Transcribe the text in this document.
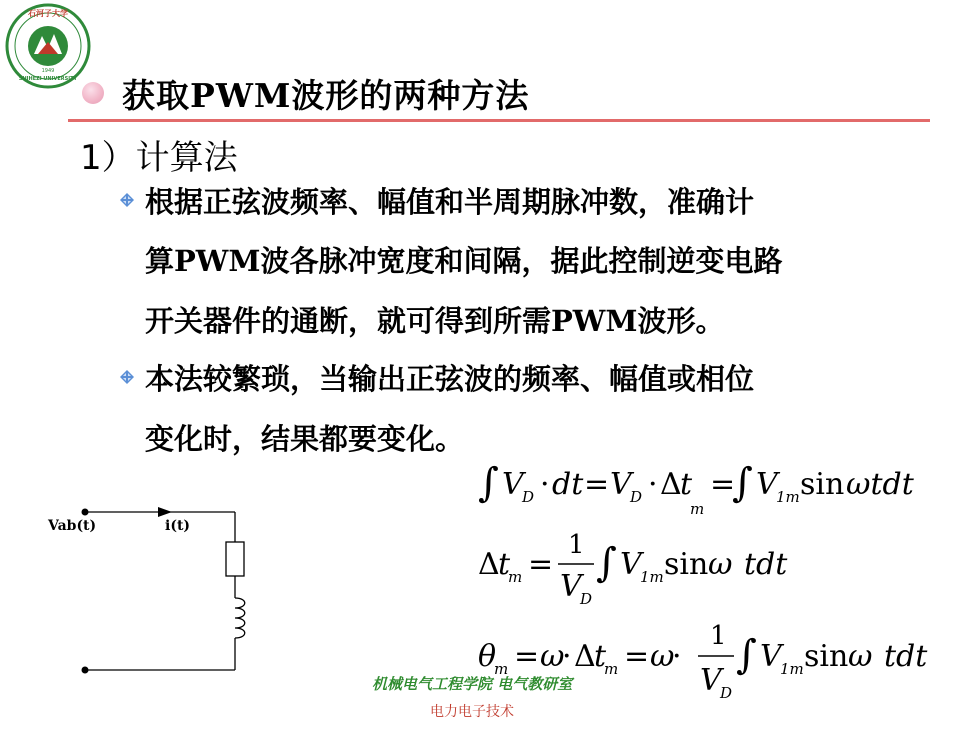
石河子大学
SHIHEZI UNIVERSITY
1949
获取PWM波形的两种方法
1）计算法
根据正弦波频率、幅值和半周期脉冲数，准确计
算PWM波各脉冲宽度和间隔，据此控制逆变电路
开关器件的通断，就可得到所需PWM波形。
本法较繁琐，当输出正弦波的频率、幅值或相位
变化时，结果都要变化。
Vab(t)	i(t)
∫ V
D · dt = V
D · Δ
t
m
=
∫ V
1m sin ωtdt
Δ
t
m =
1
V
D
∫ V
1m sin ω tdt
θ
m = ω
· Δ
t
m = ω
·
1
V
D
∫ V
1m sin ω tdt
机械电气工程学院 电气教研室
电力电子技术
